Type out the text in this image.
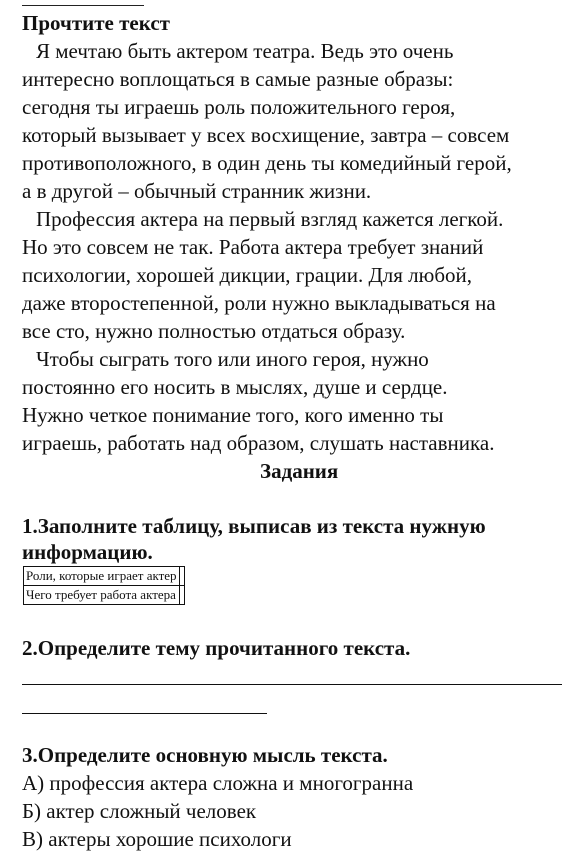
Прочтите текст
Я мечтаю быть актером театра. Ведь это очень
интересно воплощаться в самые разные образы:
сегодня ты играешь роль положительного героя,
который вызывает у всех восхищение, завтра – совсем
противоположного, в один день ты комедийный герой,
а в другой – обычный странник жизни.
Профессия актера на первый взгляд кажется легкой.
Но это совсем не так. Работа актера требует знаний
психологии, хорошей дикции, грации. Для любой,
даже второстепенной, роли нужно выкладываться на
все сто, нужно полностью отдаться образу.
Чтобы сыграть того или иного героя, нужно
постоянно его носить в мыслях, душе и сердце.
Нужно четкое понимание того, кого именно ты
играешь, работать над образом, слушать наставника.
Задания
1.Заполните таблицу, выписав из текста нужную
информацию.
Роли, которые играет актер	
Чего требует работа актера	
2.Определите тему прочитанного текста.
3.Определите основную мысль текста.
А) профессия актера сложна и многогранна
Б) актер сложный человек
В) актеры хорошие психологи
